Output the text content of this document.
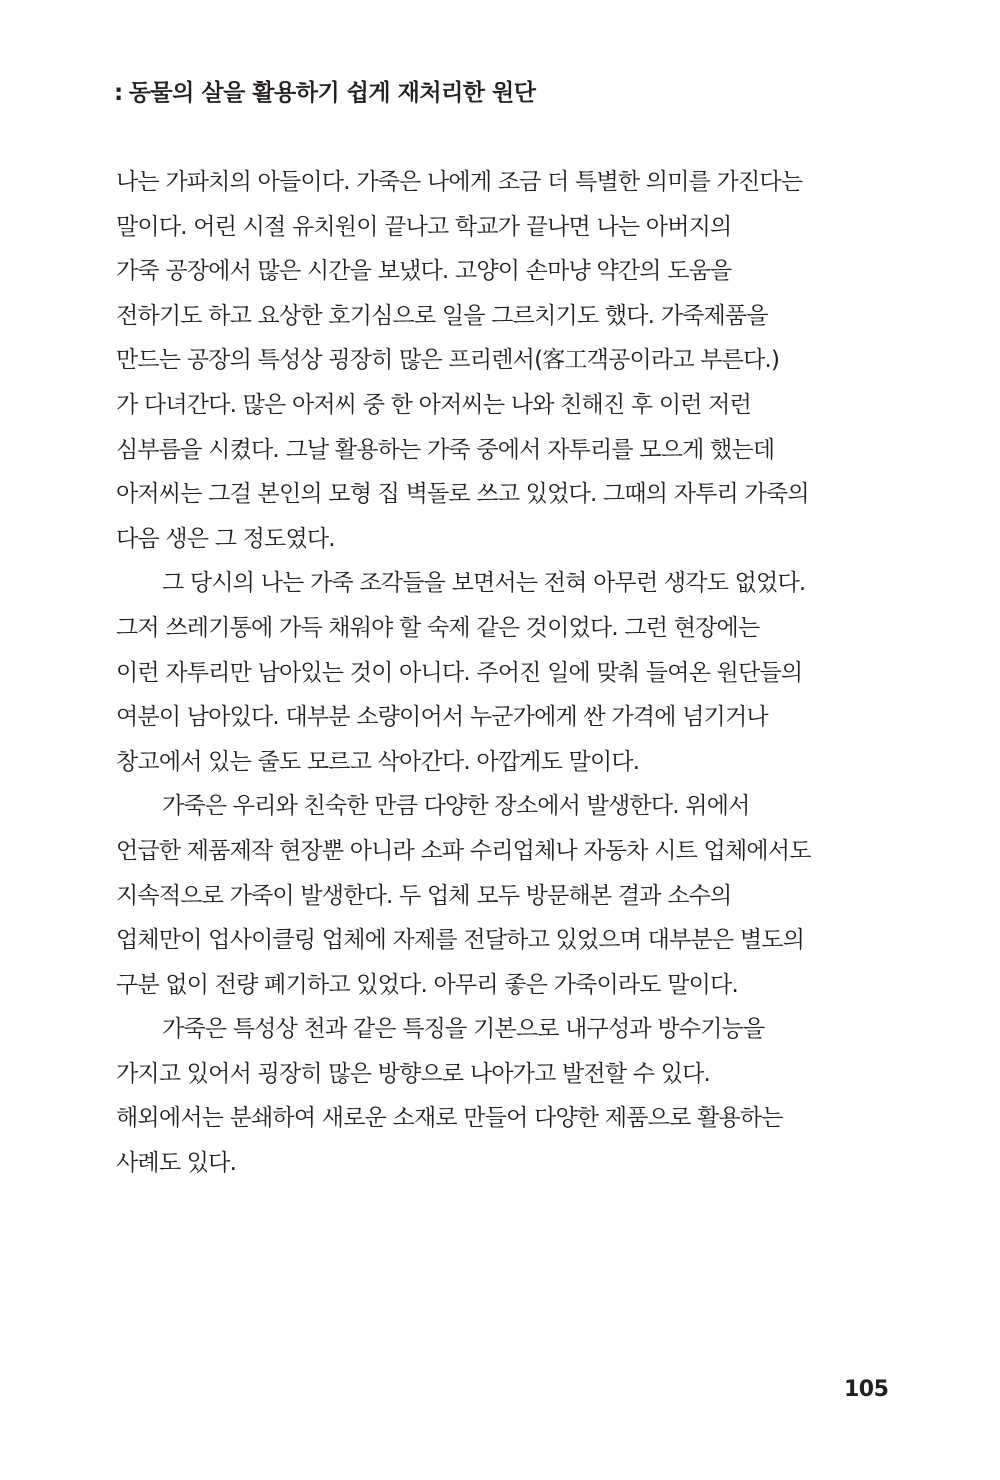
: 동물의 살을 활용하기 쉽게 재처리한 원단
나는 가파치의 아들이다. 가죽은 나에게 조금 더 특별한 의미를 가진다는
말이다. 어린 시절 유치원이 끝나고 학교가 끝나면 나는 아버지의
가죽 공장에서 많은 시간을 보냈다. 고양이 손마냥 약간의 도움을
전하기도 하고 요상한 호기심으로 일을 그르치기도 했다. 가죽제품을
만드는 공장의 특성상 굉장히 많은 프리렌서(客工객공이라고 부른다.)
가 다녀간다. 많은 아저씨 중 한 아저씨는 나와 친해진 후 이런 저런
심부름을 시켰다. 그날 활용하는 가죽 중에서 자투리를 모으게 했는데
아저씨는 그걸 본인의 모형 집 벽돌로 쓰고 있었다. 그때의 자투리 가죽의
다음 생은 그 정도였다.
그 당시의 나는 가죽 조각들을 보면서는 전혀 아무런 생각도 없었다.
그저 쓰레기통에 가득 채워야 할 숙제 같은 것이었다. 그런 현장에는
이런 자투리만 남아있는 것이 아니다. 주어진 일에 맞춰 들여온 원단들의
여분이 남아있다. 대부분 소량이어서 누군가에게 싼 가격에 넘기거나
창고에서 있는 줄도 모르고 삭아간다. 아깝게도 말이다.
가죽은 우리와 친숙한 만큼 다양한 장소에서 발생한다. 위에서
언급한 제품제작 현장뿐 아니라 소파 수리업체나 자동차 시트 업체에서도
지속적으로 가죽이 발생한다. 두 업체 모두 방문해본 결과 소수의
업체만이 업사이클링 업체에 자제를 전달하고 있었으며 대부분은 별도의
구분 없이 전량 폐기하고 있었다. 아무리 좋은 가죽이라도 말이다.
가죽은 특성상 천과 같은 특징을 기본으로 내구성과 방수기능을
가지고 있어서 굉장히 많은 방향으로 나아가고 발전할 수 있다.
해외에서는 분쇄하여 새로운 소재로 만들어 다양한 제품으로 활용하는
사례도 있다.
105
